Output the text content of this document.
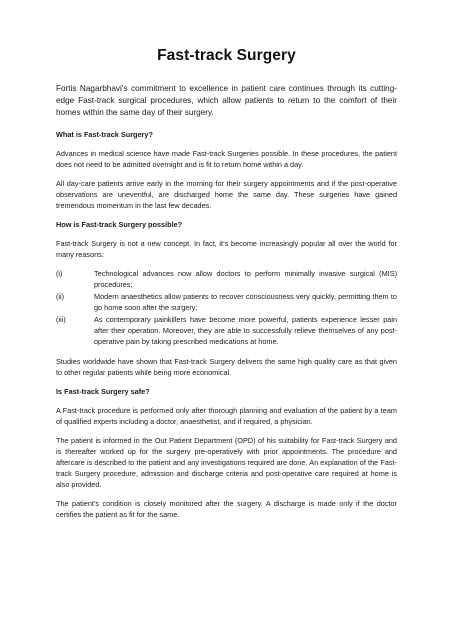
Fast-track Surgery

Fortis Nagarbhavi’s commitment to excellence in patient care continues through its cutting-edge Fast-track surgical procedures, which allow patients to return to the comfort of their homes within the same day of their surgery.

What is Fast-track Surgery?

Advances in medical science have made Fast-track Surgeries possible. In these procedures, the patient does not need to be admitted overnight and is fit to return home within a day.

All day-care patients arrive early in the morning for their surgery appointments and if the post-operative observations are uneventful, are discharged home the same day. These surgeries have gained tremendous momentum in the last few decades.

How is Fast-track Surgery possible?

Fast-track Surgery is not a new concept. In fact, it’s become increasingly popular all over the world for many reasons:

(i)	Technological advances now allow doctors to perform minimally invasive surgical (MIS) procedures;
(ii)	Modern anaesthetics allow patients to recover consciousness very quickly, permitting them to go home soon after the surgery;
(iii)	As contemporary painkillers have become more powerful, patients experience lesser pain after their operation. Moreover, they are able to successfully relieve themselves of any post-operative pain by taking prescribed medications at home.

Studies worldwide have shown that Fast-track Surgery delivers the same high quality care as that given to other regular patients while being more economical.

Is Fast-track Surgery safe?

A Fast-track procedure is performed only after thorough planning and evaluation of the patient by a team of qualified experts including a doctor, anaesthetist, and if required, a physician.

The patient is informed in the Out Patient Department (OPD) of his suitability for Fast-track Surgery and is thereafter worked up for the surgery pre-operatively with prior appointments. The procedure and aftercare is described to the patient and any investigations required are done. An explanation of the Fast-track Surgery procedure, admission and discharge criteria and post-operative care required at home is also provided.

The patient’s condition is closely monitored after the surgery. A discharge is made only if the doctor certifies the patient as fit for the same.
